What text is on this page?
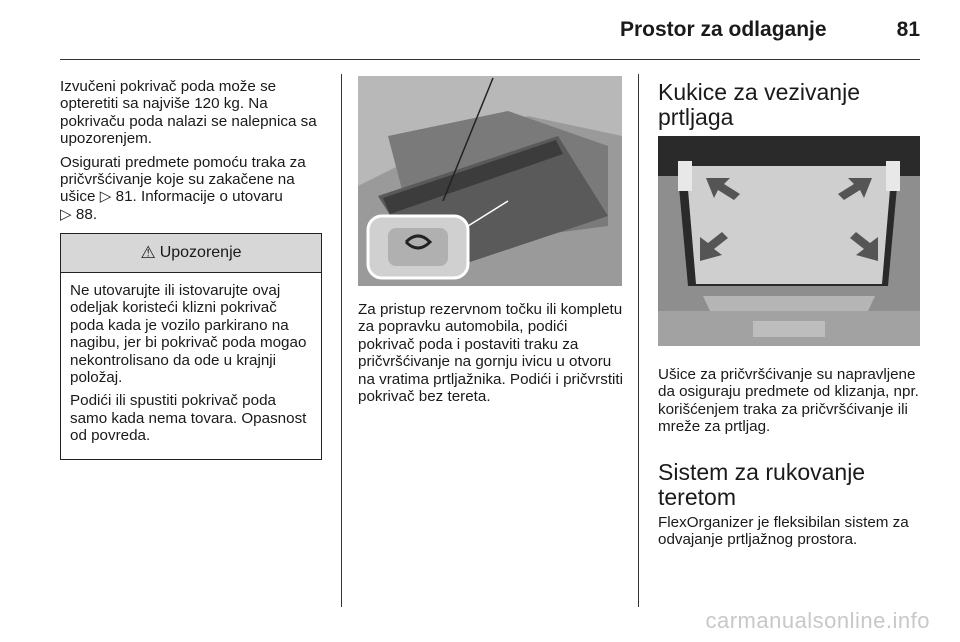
Prostor za odlaganje	81

Izvučeni pokrivač poda može se opteretiti sa najviše 120 kg. Na pokrivaču poda nalazi se nalepnica sa upozorenjem.

Osigurati predmete pomoću traka za pričvršćivanje koje su zakačene na ušice ▷ 81. Informacije o utovaru
▷ 88.

⚠ Upozorenje

Ne utovarujte ili istovarujte ovaj odeljak koristeći klizni pokrivač poda kada je vozilo parkirano na nagibu, jer bi pokrivač poda mogao nekontrolisano da ode u krajnji položaj.

Podići ili spustiti pokrivač poda samo kada nema tovara. Opasnost od povreda.

Za pristup rezervnom točku ili kompletu za popravku automobila, podići pokrivač poda i postaviti traku za pričvršćivanje na gornju ivicu u otvoru na vratima prtljažnika. Podići i pričvrstiti pokrivač bez tereta.

Kukice za vezivanje prtljaga

Ušice za pričvršćivanje su napravljene da osiguraju predmete od klizanja, npr. korišćenjem traka za pričvršćivanje ili mreže za prtljag.

Sistem za rukovanje teretom

FlexOrganizer je fleksibilan sistem za odvajanje prtljažnog prostora.

carmanualsonline.info
